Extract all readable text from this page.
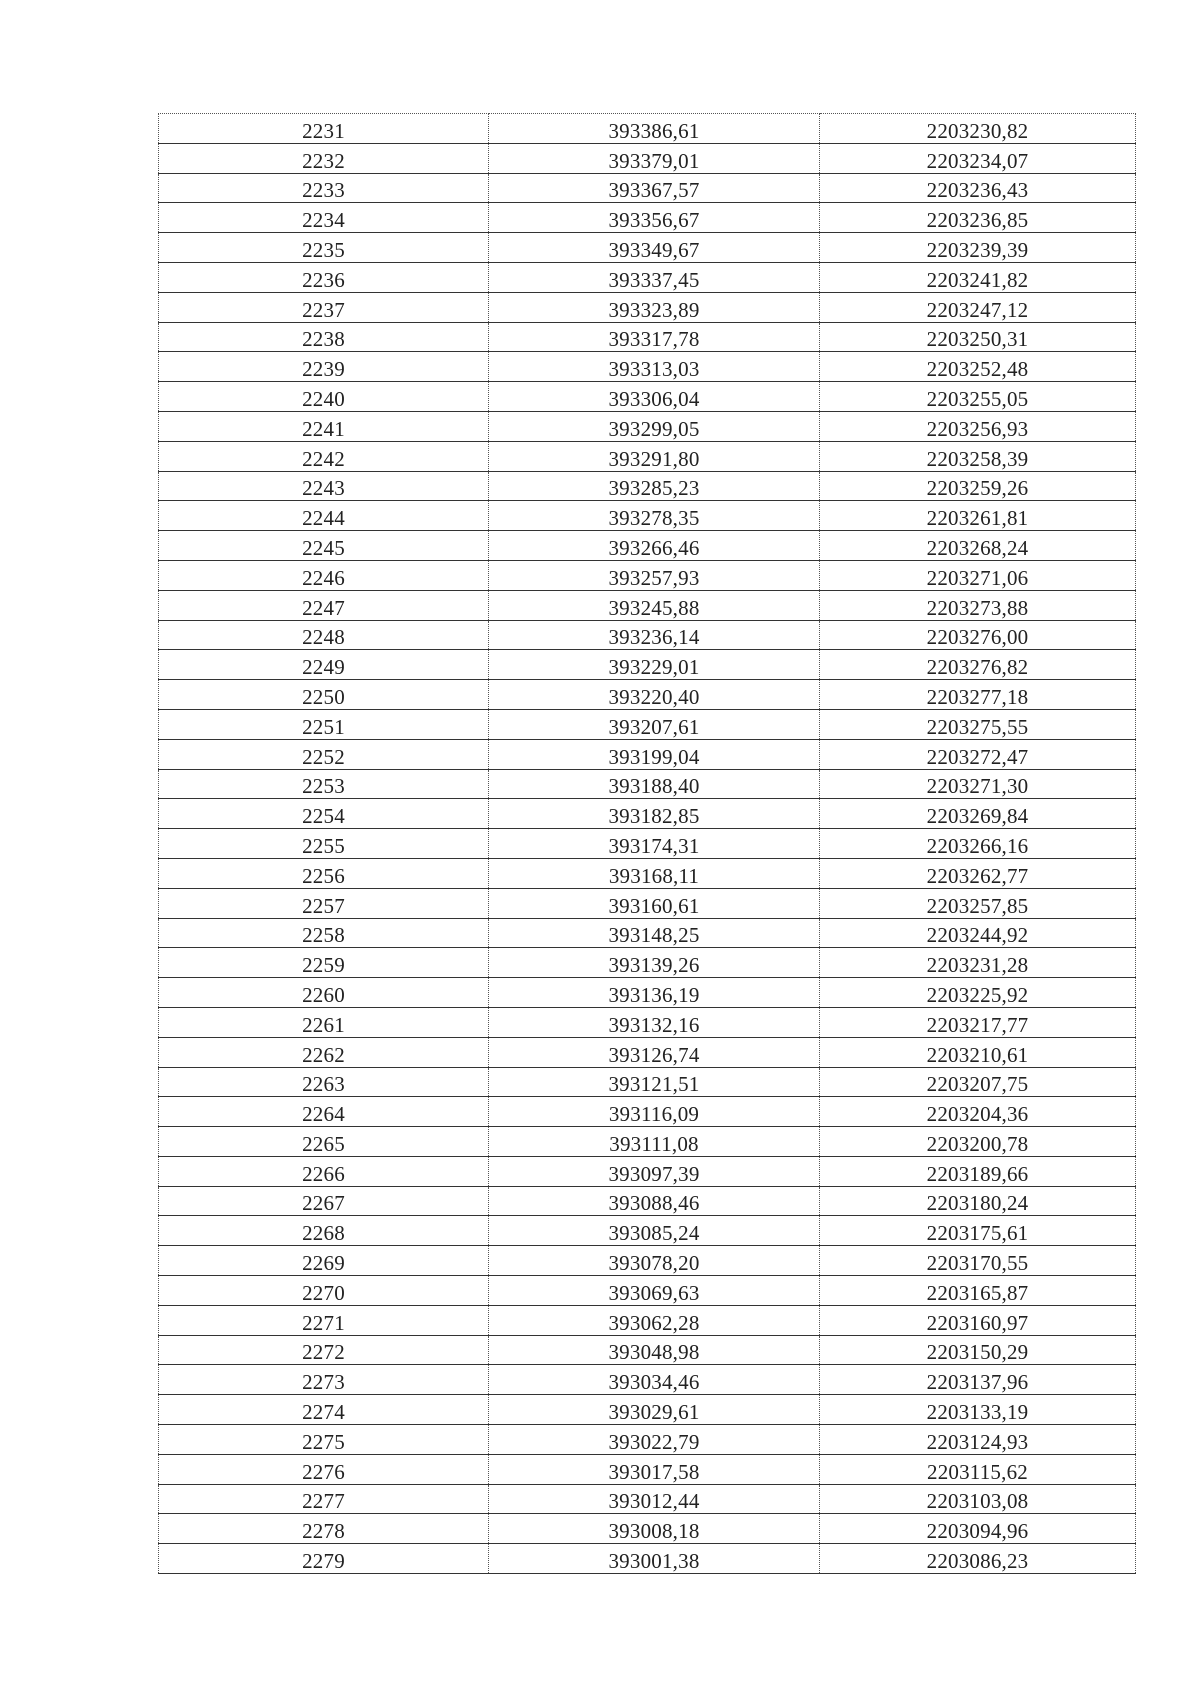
2231	393386,61	2203230,82
2232	393379,01	2203234,07
2233	393367,57	2203236,43
2234	393356,67	2203236,85
2235	393349,67	2203239,39
2236	393337,45	2203241,82
2237	393323,89	2203247,12
2238	393317,78	2203250,31
2239	393313,03	2203252,48
2240	393306,04	2203255,05
2241	393299,05	2203256,93
2242	393291,80	2203258,39
2243	393285,23	2203259,26
2244	393278,35	2203261,81
2245	393266,46	2203268,24
2246	393257,93	2203271,06
2247	393245,88	2203273,88
2248	393236,14	2203276,00
2249	393229,01	2203276,82
2250	393220,40	2203277,18
2251	393207,61	2203275,55
2252	393199,04	2203272,47
2253	393188,40	2203271,30
2254	393182,85	2203269,84
2255	393174,31	2203266,16
2256	393168,11	2203262,77
2257	393160,61	2203257,85
2258	393148,25	2203244,92
2259	393139,26	2203231,28
2260	393136,19	2203225,92
2261	393132,16	2203217,77
2262	393126,74	2203210,61
2263	393121,51	2203207,75
2264	393116,09	2203204,36
2265	393111,08	2203200,78
2266	393097,39	2203189,66
2267	393088,46	2203180,24
2268	393085,24	2203175,61
2269	393078,20	2203170,55
2270	393069,63	2203165,87
2271	393062,28	2203160,97
2272	393048,98	2203150,29
2273	393034,46	2203137,96
2274	393029,61	2203133,19
2275	393022,79	2203124,93
2276	393017,58	2203115,62
2277	393012,44	2203103,08
2278	393008,18	2203094,96
2279	393001,38	2203086,23
